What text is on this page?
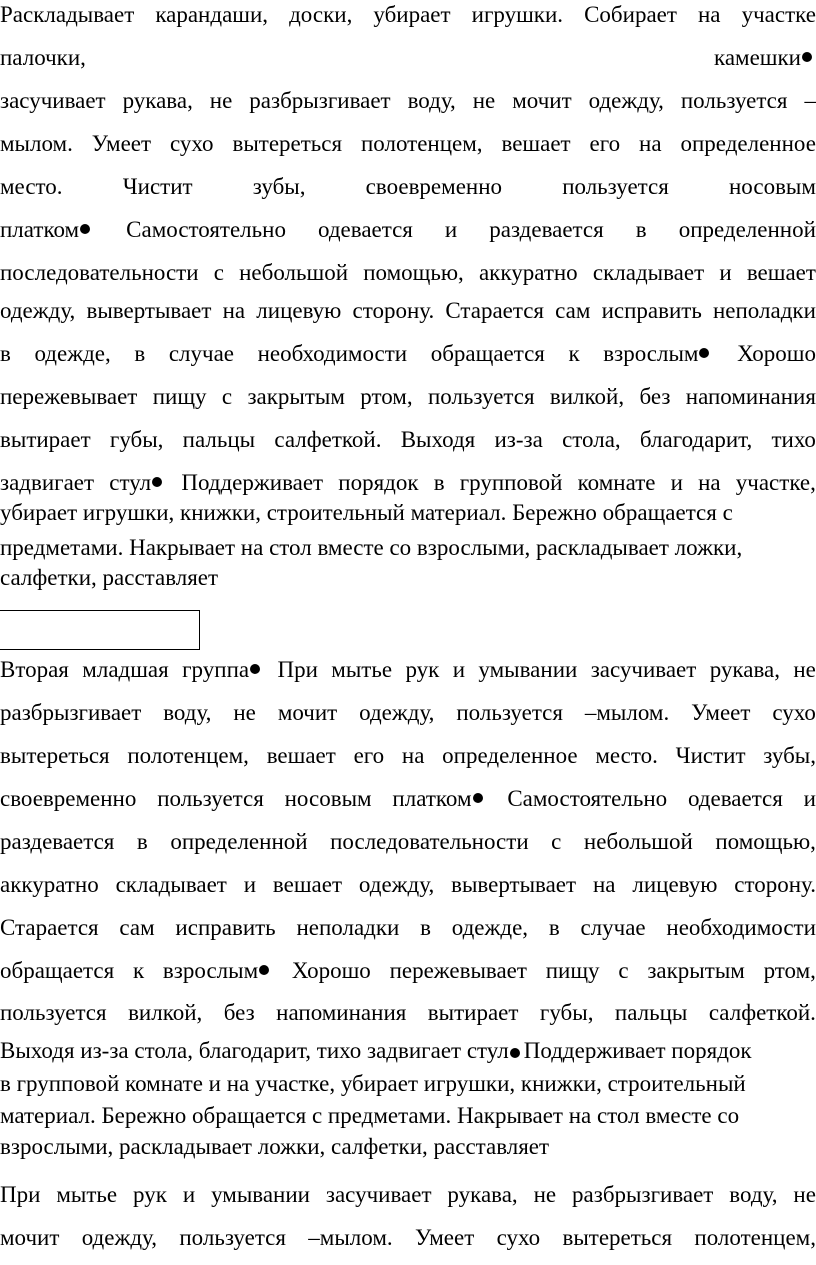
Раскладывает карандаши, доски, убирает игрушки. Собирает на участке
палочки,	камешки
засучивает рукава, не разбрызгивает воду, не мочит одежду, пользуется –
мылом. Умеет сухо вытереться полотенцем, вешает его на определенное
место.	Чистит	зубы,	своевременно	пользуется	носовым
платком	Самостоятельно одевается и раздевается в определенной
последовательности с небольшой помощью, аккуратно складывает и вешает
одежду, вывертывает на лицевую сторону. Старается сам исправить неполадки
в одежде, в случае необходимости обращается к взрослым	Хорошо
пережевывает пищу с закрытым ртом, пользуется вилкой, без напоминания
вытирает губы, пальцы салфеткой. Выходя из-за стола, благодарит, тихо
задвигает стул	Поддерживает порядок в групповой комнате и на участке,
убирает игрушки, книжки, строительный материал. Бережно обращается с
предметами. Накрывает на стол вместе со взрослыми, раскладывает ложки,
салфетки, расставляет
Вторая младшая группа	При мытье рук и умывании засучивает рукава, не
разбрызгивает воду, не мочит одежду, пользуется –мылом. Умеет сухо
вытереться полотенцем, вешает его на определенное место. Чистит зубы,
своевременно пользуется носовым платком	Самостоятельно одевается и
раздевается в определенной последовательности с небольшой помощью,
аккуратно складывает и вешает одежду, вывертывает на лицевую сторону.
Старается сам исправить неполадки в одежде, в случае необходимости
обращается к взрослым	Хорошо пережевывает пищу с закрытым ртом,
пользуется вилкой, без напоминания вытирает губы, пальцы салфеткой.
Выходя из-за стола, благодарит, тихо задвигает стул Поддерживает порядок
в групповой комнате и на участке, убирает игрушки, книжки, строительный
материал. Бережно обращается с предметами. Накрывает на стол вместе со
взрослыми, раскладывает ложки, салфетки, расставляет
При мытье рук и умывании засучивает рукава, не разбрызгивает воду, не
мочит одежду, пользуется –мылом. Умеет сухо вытереться полотенцем,
